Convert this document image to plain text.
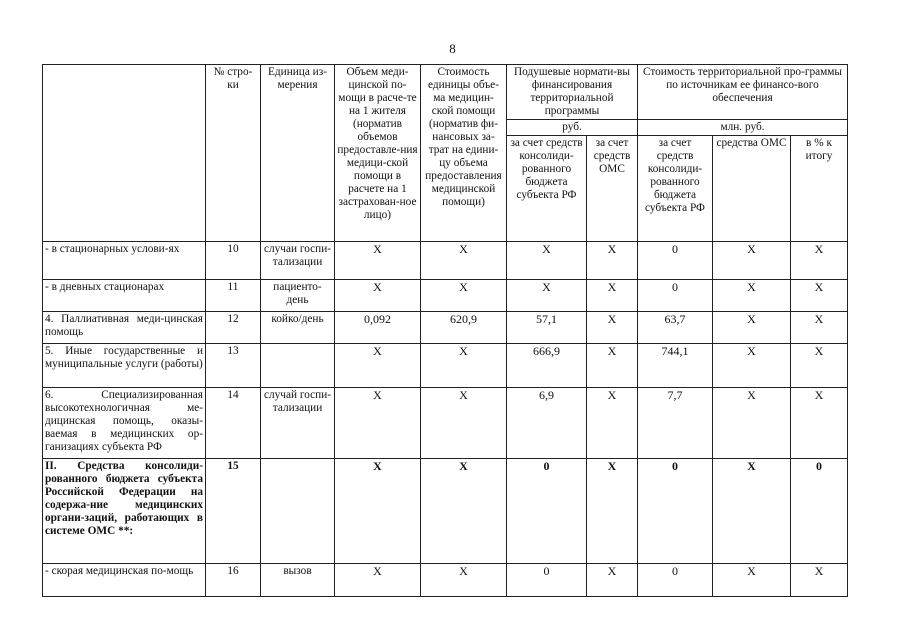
8
	№ стро-ки	Единица из-мерения	Объем меди-цинской по-мощи в расче-те на 1 жителя (норматив объемов предоставле-ния медици-ской помощи в расчете на 1 застрахован-ное лицо)	Стоимость единицы объе-ма медицин-ской помощи (норматив фи-нансовых за-трат на едини-цу объема предоставления медицинской помощи)	Подушевые нормати-вы финансирования территориальной программы		Стоимость территориальной про-граммы по источникам ее финансо-вого обеспечения		
					руб.		млн. руб.		
					за счет средств консолиди-рованного бюджета субъекта РФ	за счет средств ОМС	за счет средств консолиди-рованного бюджета субъекта РФ	средства ОМС	в % к итогу
- в стационарных услови-ях	10	случаи госпи-тализации	X	X	X	X	0	X	X
- в дневных стационарах	11	пациенто-день	X	X	X	X	0	X	X
4. Паллиативная меди-цинская помощь	12	койко/день	0,092	620,9	57,1	X	63,7	X	X
5. Иные государственные и муниципальные услуги (работы)	13		X	X	666,9	X	744,1	X	X
6. Специализированная высокотехнологичная ме-дицинская помощь, оказы-ваемая в медицинских ор-ганизациях субъекта РФ	14	случай госпи-тализации	X	X	6,9	X	7,7	X	X
II. Средства консолиди-рованного бюджета субъекта Российской Федерации на содержа-ние медицинских органи-заций, работающих в системе ОМС **:	15		X	X	0	X	0	X	0
- скорая медицинская по-мощь	16	вызов	X	X	0	X	0	X	X
